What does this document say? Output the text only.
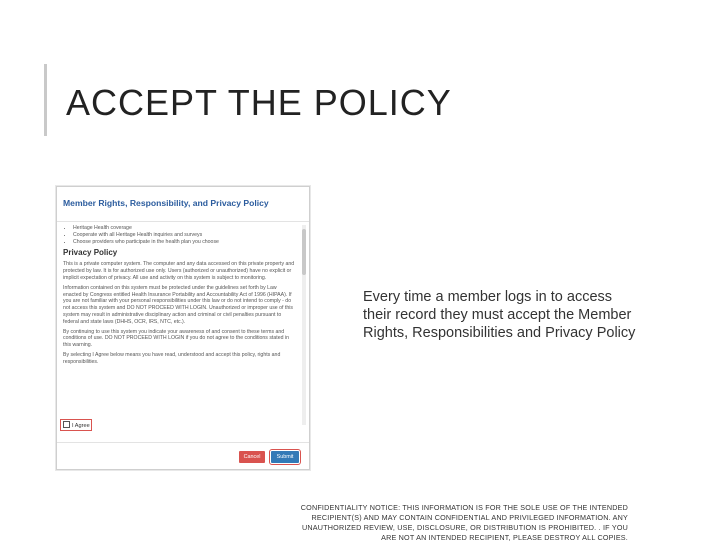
ACCEPT THE POLICY
Member Rights, Responsibility, and Privacy Policy
• Heritage Health coverage
• Cooperate with all Heritage Health inquiries and surveys
• Choose providers who participate in the health plan you choose
Privacy Policy

This is a private computer system. The computer and any data accessed on this private property and protected by law. It is for authorized use only. Users (authorized or unauthorized) have no explicit or implicit expectation of privacy. All use and activity on this system is subject to monitoring.

Information contained on this system must be protected under the guidelines set forth by Law enacted by Congress entitled Health Insurance Portability and Accountability Act of 1996 (HIPAA). If you are not familiar with your personal responsibilities under this law or do not intend to comply - do not access this system and DO NOT PROCEED WITH LOGIN. Unauthorized or improper use of this system may result in administrative disciplinary action and criminal or civil penalties pursuant to federal and state laws (DHHS, OCR, IRS, NTC, etc.).

By continuing to use this system you indicate your awareness of and consent to these terms and conditions of use. DO NOT PROCEED WITH LOGIN if you do not agree to the conditions stated in this warning.

By selecting I Agree below means you have read, understood and accept this policy, rights and responsibilities.

I Agree
Cancel	Submit
Every time a member logs in to access their record they must accept the Member Rights, Responsibilities and Privacy Policy
CONFIDENTIALITY NOTICE: THIS INFORMATION IS FOR THE SOLE USE OF THE INTENDED RECIPIENT(S) AND MAY CONTAIN CONFIDENTIAL AND PRIVILEGED INFORMATION. ANY UNAUTHORIZED REVIEW, USE, DISCLOSURE, OR DISTRIBUTION IS PROHIBITED. . IF YOU ARE NOT AN INTENDED RECIPIENT, PLEASE DESTROY ALL COPIES.
